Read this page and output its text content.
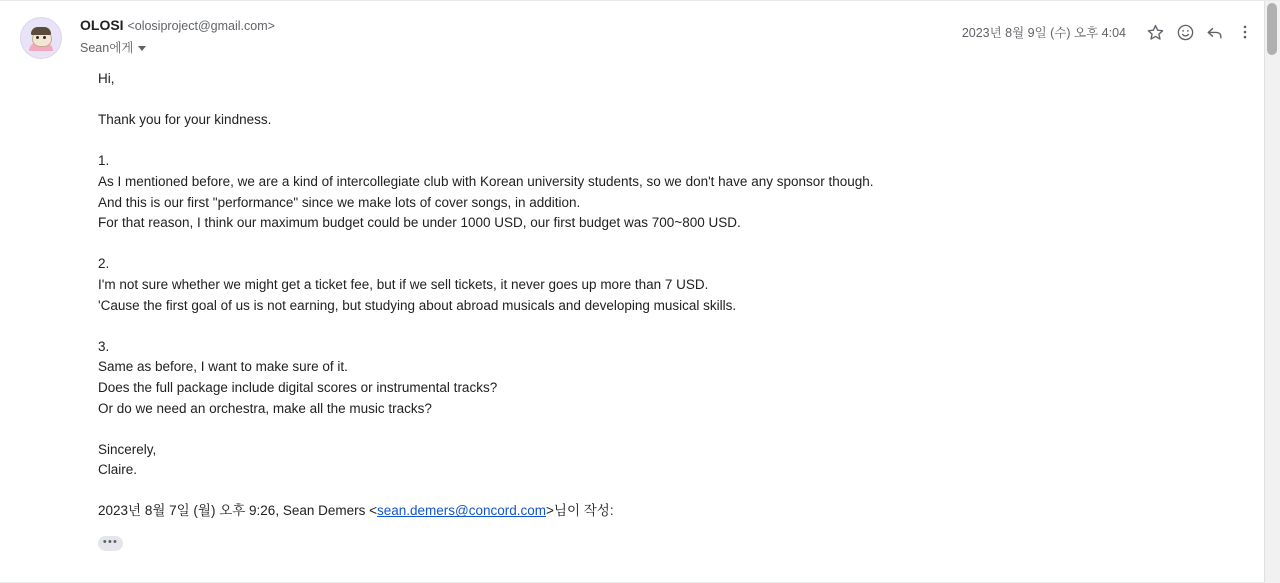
OLOSI <olosiproject@gmail.com>
Sean에게
2023년 8월 9일 (수) 오후 4:04

Hi,

Thank you for your kindness.

1.

As I mentioned before, we are a kind of intercollegiate club with Korean university students, so we don't have any sponsor though.

And this is our first "performance" since we make lots of cover songs, in addition.

For that reason, I think our maximum budget could be under 1000 USD, our first budget was 700~800 USD.

2.

I'm not sure whether we might get a ticket fee, but if we sell tickets, it never goes up more than 7 USD.

'Cause the first goal of us is not earning, but studying about abroad musicals and developing musical skills.

3.

Same as before, I want to make sure of it.

Does the full package include digital scores or instrumental tracks?

Or do we need an orchestra, make all the music tracks?

Sincerely,

Claire.

2023년 8월 7일 (월) 오후 9:26, Sean Demers <sean.demers@concord.com>님이 작성:
•••
